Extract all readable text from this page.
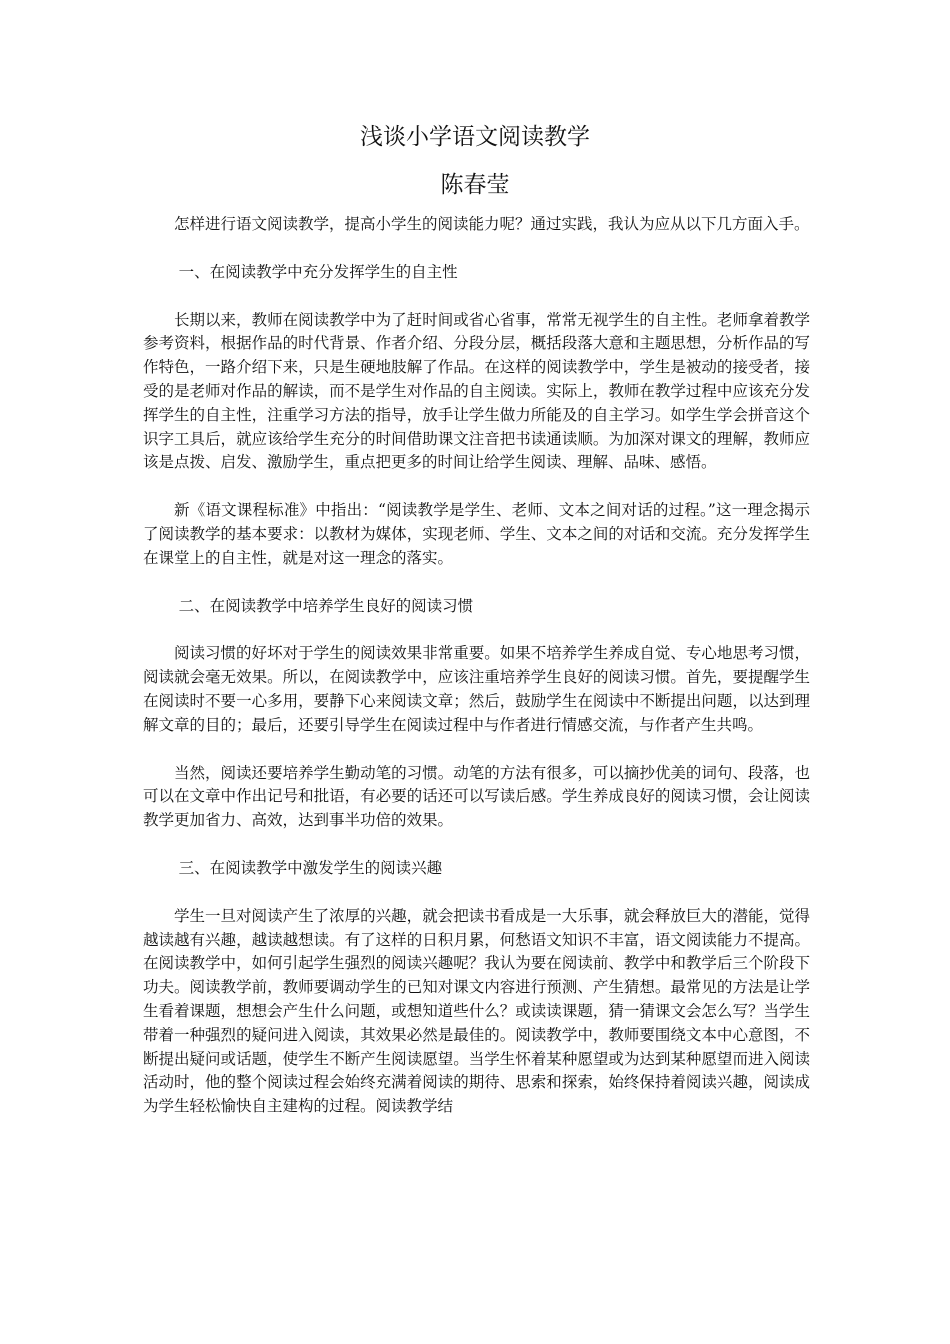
浅谈小学语文阅读教学
陈春莹

怎样进行语文阅读教学，提高小学生的阅读能力呢？通过实践，我认为应从以下几方面入手。

一、在阅读教学中充分发挥学生的自主性

长期以来，教师在阅读教学中为了赶时间或省心省事，常常无视学生的自主性。老师拿着教学参考资料，根据作品的时代背景、作者介绍、分段分层，概括段落大意和主题思想，分析作品的写作特色，一路介绍下来，只是生硬地肢解了作品。在这样的阅读教学中，学生是被动的接受者，接受的是老师对作品的解读，而不是学生对作品的自主阅读。实际上，教师在教学过程中应该充分发挥学生的自主性，注重学习方法的指导，放手让学生做力所能及的自主学习。如学生学会拼音这个识字工具后，就应该给学生充分的时间借助课文注音把书读通读顺。为加深对课文的理解，教师应该是点拨、启发、激励学生，重点把更多的时间让给学生阅读、理解、品味、感悟。

新《语文课程标准》中指出：“阅读教学是学生、老师、文本之间对话的过程。”这一理念揭示了阅读教学的基本要求：以教材为媒体，实现老师、学生、文本之间的对话和交流。充分发挥学生在课堂上的自主性，就是对这一理念的落实。

二、在阅读教学中培养学生良好的阅读习惯

阅读习惯的好坏对于学生的阅读效果非常重要。如果不培养学生养成自觉、专心地思考习惯，阅读就会毫无效果。所以，在阅读教学中，应该注重培养学生良好的阅读习惯。首先，要提醒学生在阅读时不要一心多用，要静下心来阅读文章；然后，鼓励学生在阅读中不断提出问题，以达到理解文章的目的；最后，还要引导学生在阅读过程中与作者进行情感交流，与作者产生共鸣。

当然，阅读还要培养学生勤动笔的习惯。动笔的方法有很多，可以摘抄优美的词句、段落，也可以在文章中作出记号和批语，有必要的话还可以写读后感。学生养成良好的阅读习惯，会让阅读教学更加省力、高效，达到事半功倍的效果。

三、在阅读教学中激发学生的阅读兴趣

学生一旦对阅读产生了浓厚的兴趣，就会把读书看成是一大乐事，就会释放巨大的潜能，觉得越读越有兴趣，越读越想读。有了这样的日积月累，何愁语文知识不丰富，语文阅读能力不提高。在阅读教学中，如何引起学生强烈的阅读兴趣呢？我认为要在阅读前、教学中和教学后三个阶段下功夫。阅读教学前，教师要调动学生的已知对课文内容进行预测、产生猜想。最常见的方法是让学生看着课题，想想会产生什么问题，或想知道些什么？或读读课题，猜一猜课文会怎么写？当学生带着一种强烈的疑问进入阅读，其效果必然是最佳的。阅读教学中，教师要围绕文本中心意图，不断提出疑问或话题，使学生不断产生阅读愿望。当学生怀着某种愿望或为达到某种愿望而进入阅读活动时，他的整个阅读过程会始终充满着阅读的期待、思索和探索，始终保持着阅读兴趣，阅读成为学生轻松愉快自主建构的过程。阅读教学结
